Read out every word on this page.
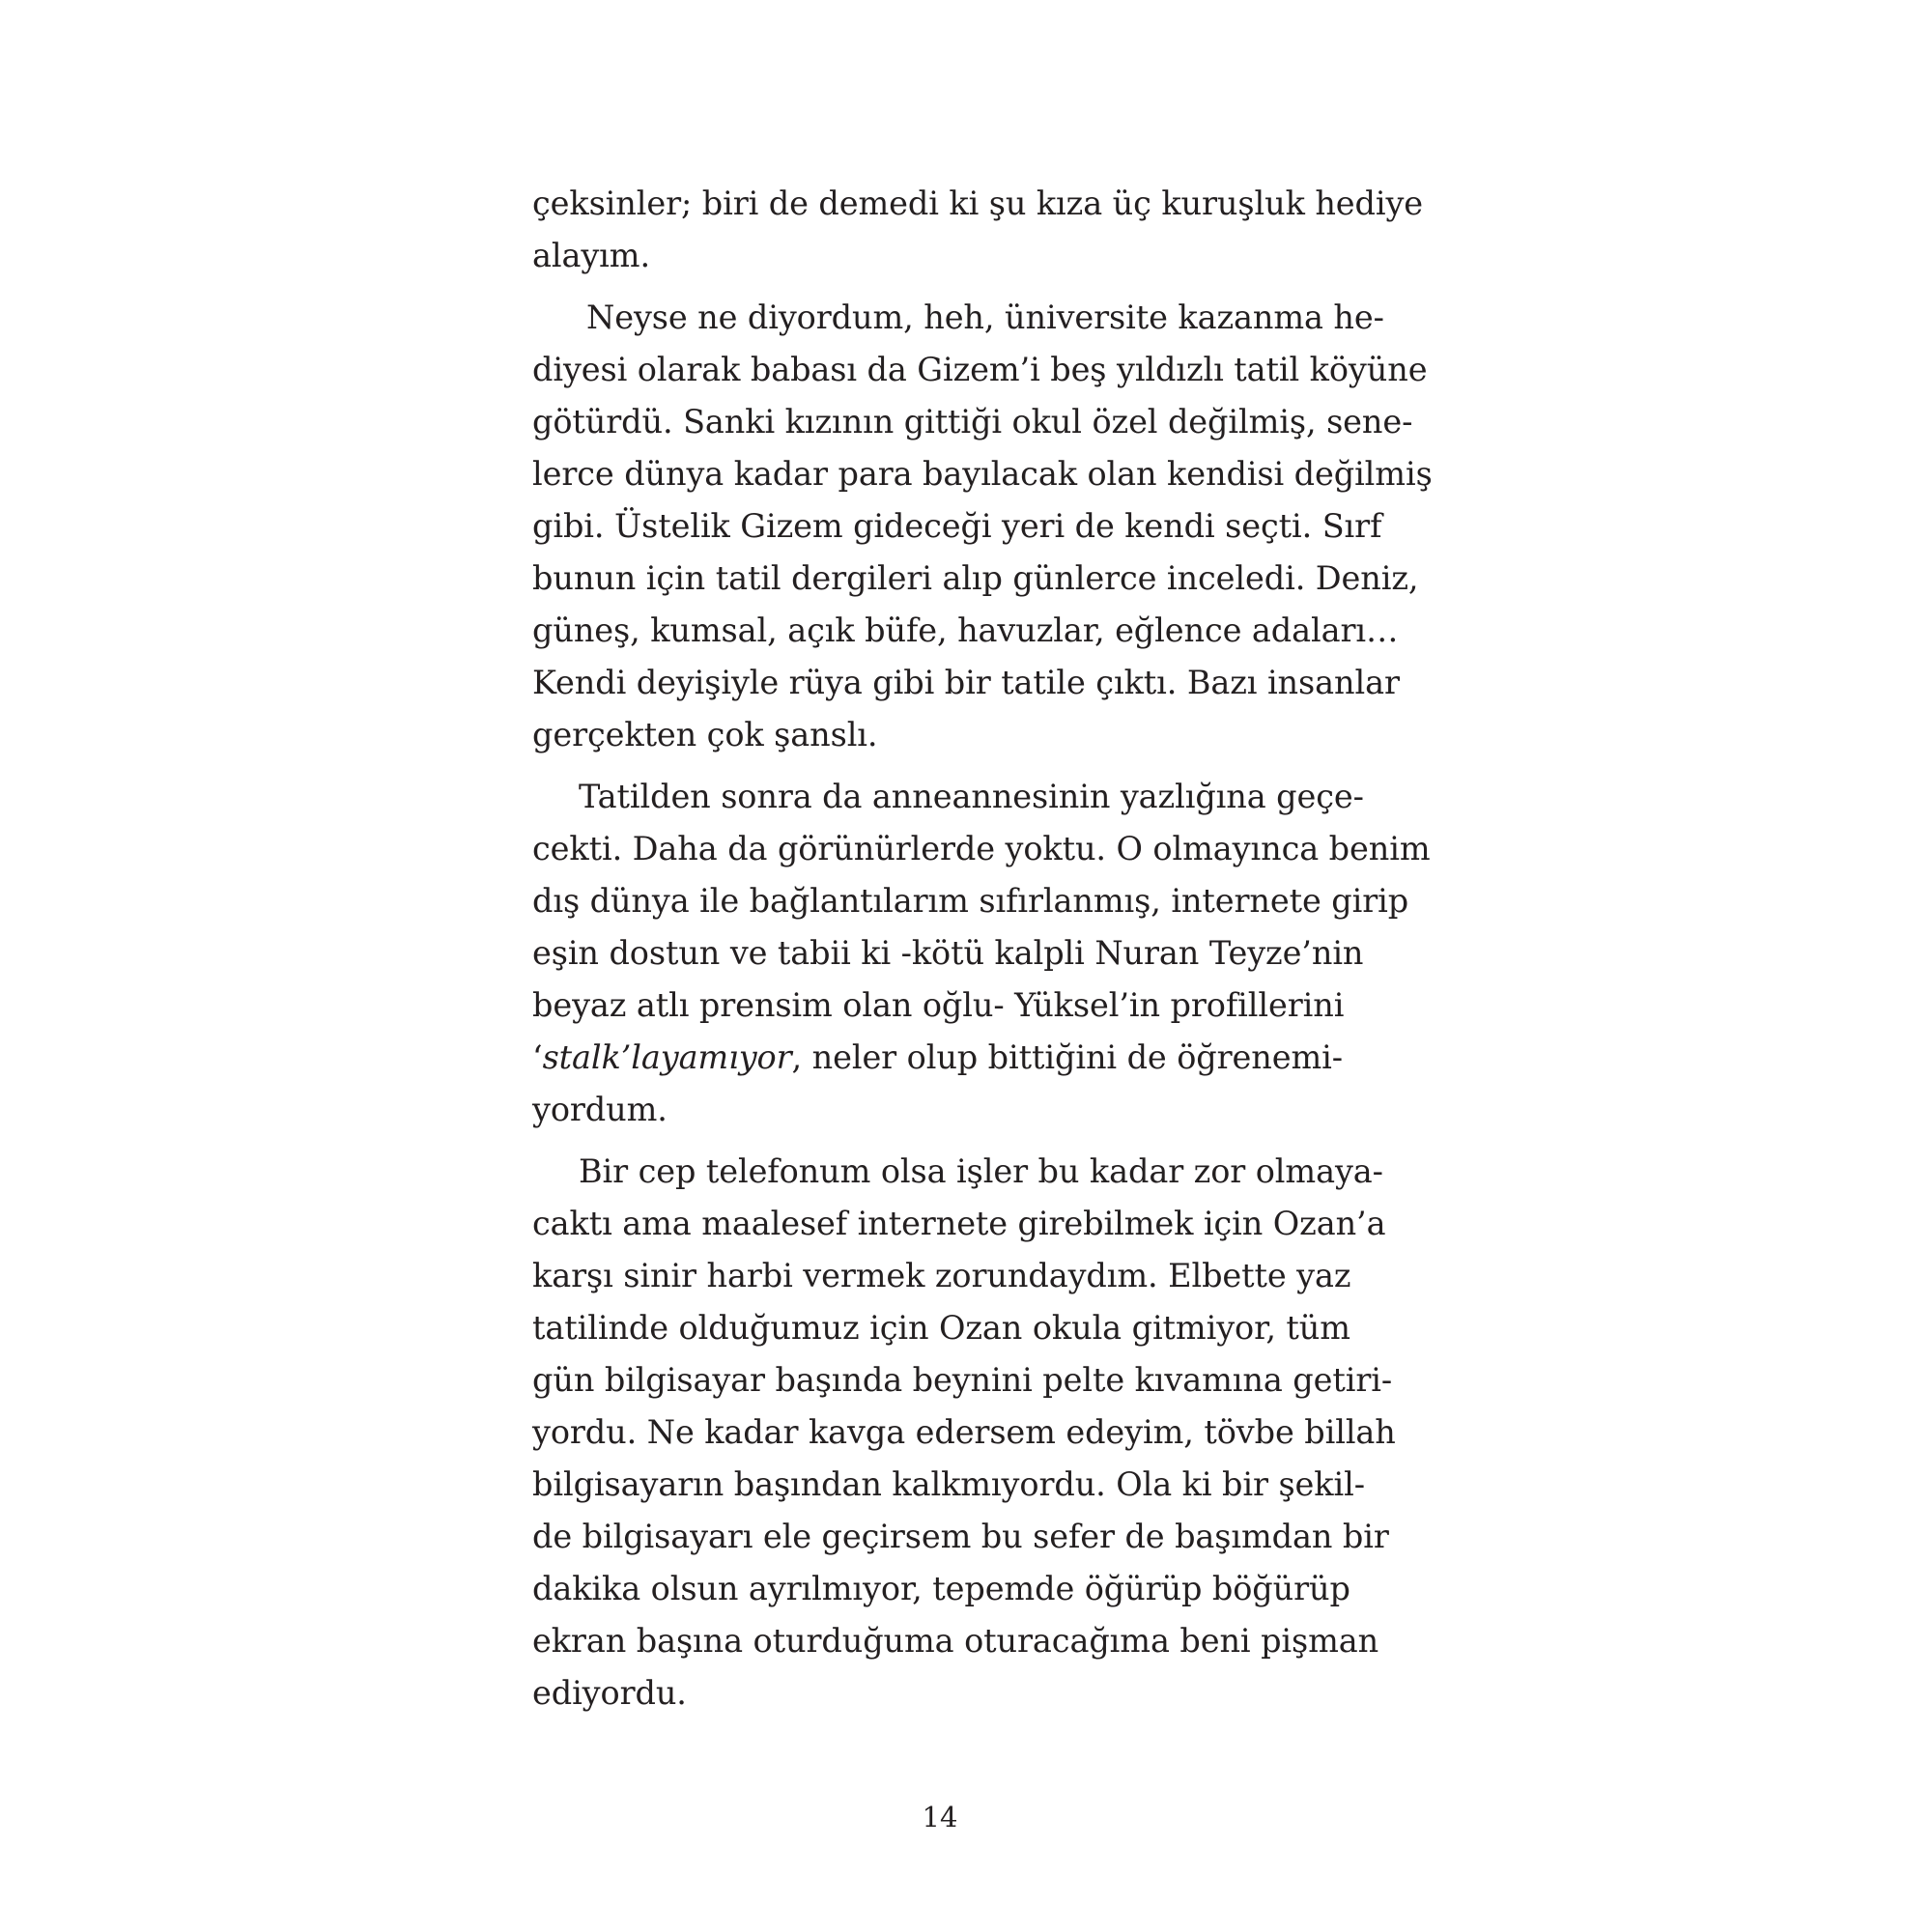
çeksinler; biri de demedi ki şu kıza üç kuruşluk hediye
alayım.

Neyse ne diyordum, heh, üniversite kazanma he-
diyesi olarak babası da Gizem’i beş yıldızlı tatil köyüne
götürdü. Sanki kızının gittiği okul özel değilmiş, sene-
lerce dünya kadar para bayılacak olan kendisi değilmiş
gibi. Üstelik Gizem gideceği yeri de kendi seçti. Sırf
bunun için tatil dergileri alıp günlerce inceledi. Deniz,
güneş, kumsal, açık büfe, havuzlar, eğlence adaları…
Kendi deyişiyle rüya gibi bir tatile çıktı. Bazı insanlar
gerçekten çok şanslı.

Tatilden sonra da anneannesinin yazlığına geçe-
cekti. Daha da görünürlerde yoktu. O olmayınca benim
dış dünya ile bağlantılarım sıfırlanmış, internete girip
eşin dostun ve tabii ki -kötü kalpli Nuran Teyze’nin
beyaz atlı prensim olan oğlu- Yüksel’in profillerini
‘stalk’layamıyor, neler olup bittiğini de öğrenemi-
yordum.

Bir cep telefonum olsa işler bu kadar zor olmaya-
caktı ama maalesef internete girebilmek için Ozan’a
karşı sinir harbi vermek zorundaydım. Elbette yaz
tatilinde olduğumuz için Ozan okula gitmiyor, tüm
gün bilgisayar başında beynini pelte kıvamına getiri-
yordu. Ne kadar kavga edersem edeyim, tövbe billah
bilgisayarın başından kalkmıyordu. Ola ki bir şekil-
de bilgisayarı ele geçirsem bu sefer de başımdan bir
dakika olsun ayrılmıyor, tepemde öğürüp böğürüp
ekran başına oturduğuma oturacağıma beni pişman
ediyordu.

14
